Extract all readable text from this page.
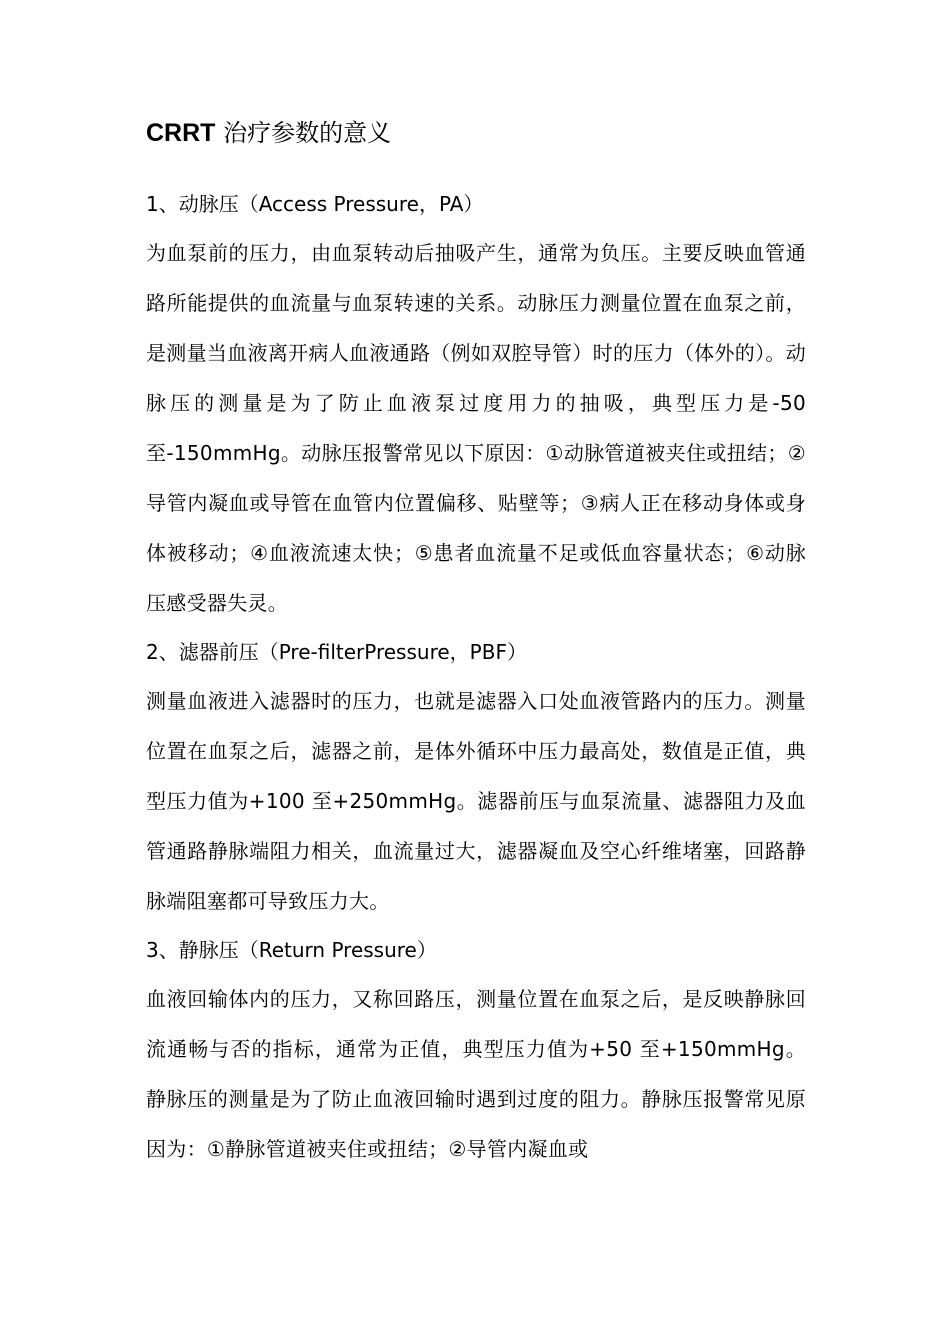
CRRT 治疗参数的意义
1、动脉压（Access Pressure，PA）
为血泵前的压力，由血泵转动后抽吸产生，通常为负压。主要反映血管通路所能提供的血流量与血泵转速的关系。动脉压力测量位置在血泵之前，是测量当血液离开病人血液通路（例如双腔导管）时的压力（体外的）。动脉压的测量是为了防止血液泵过度用力的抽吸，典型压力是-50 至-150mmHg。动脉压报警常见以下原因：①动脉管道被夹住或扭结；②导管内凝血或导管在血管内位置偏移、贴壁等；③病人正在移动身体或身体被移动；④血液流速太快；⑤患者血流量不足或低血容量状态；⑥动脉压感受器失灵。
2、滤器前压（Pre-filterPressure，PBF）
测量血液进入滤器时的压力，也就是滤器入口处血液管路内的压力。测量位置在血泵之后，滤器之前，是体外循环中压力最高处，数值是正值，典型压力值为+100 至+250mmHg。滤器前压与血泵流量、滤器阻力及血管通路静脉端阻力相关，血流量过大，滤器凝血及空心纤维堵塞，回路静脉端阻塞都可导致压力大。
3、静脉压（Return Pressure）
血液回输体内的压力，又称回路压，测量位置在血泵之后，是反映静脉回流通畅与否的指标，通常为正值，典型压力值为+50 至+150mmHg。静脉压的测量是为了防止血液回输时遇到过度的阻力。静脉压报警常见原因为：①静脉管道被夹住或扭结；②导管内凝血或
